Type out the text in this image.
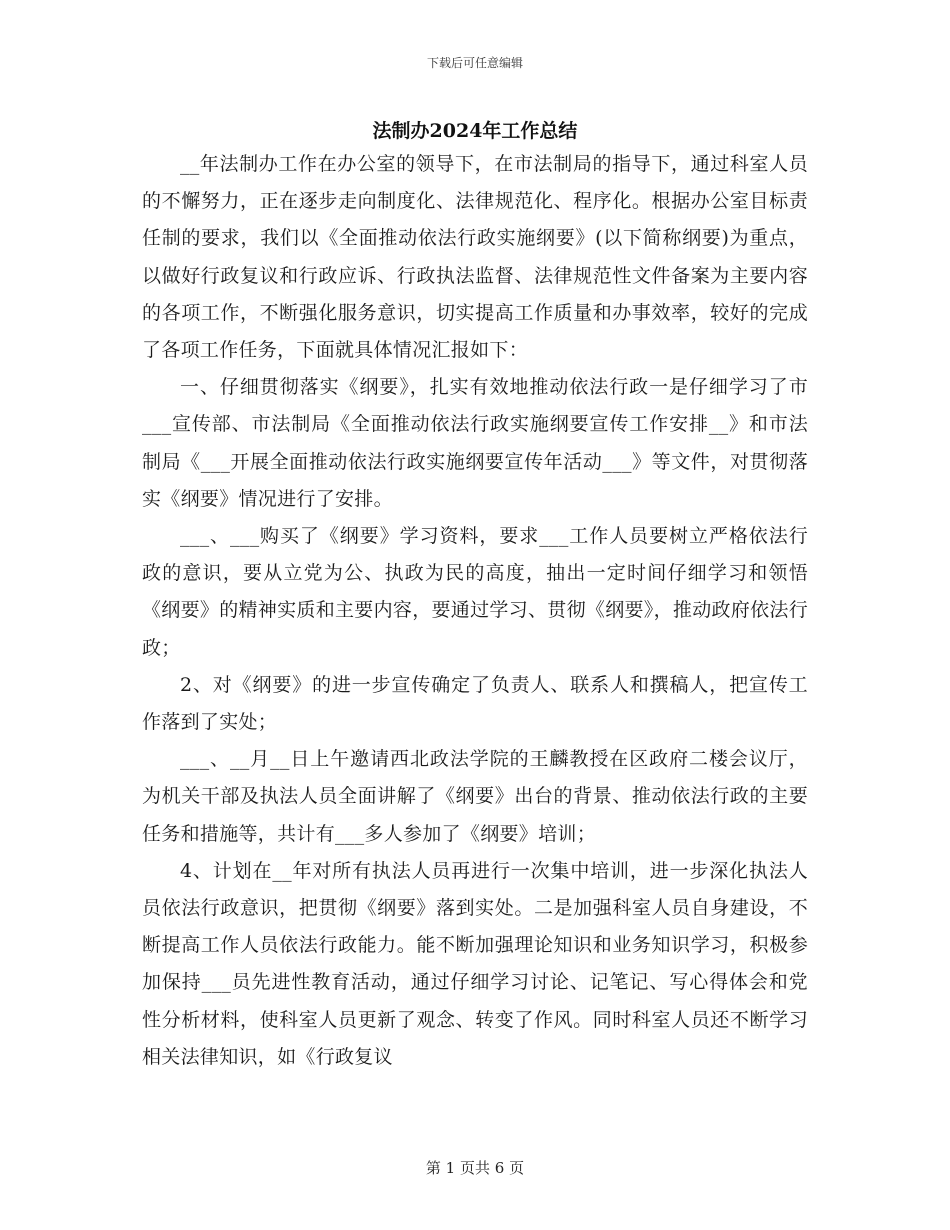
下载后可任意编辑
法制办2024年工作总结

__年法制办工作在办公室的领导下，在市法制局的指导下，通过科室人员的不懈努力，正在逐步走向制度化、法律规范化、程序化。根据办公室目标责任制的要求，我们以《全面推动依法行政实施纲要》(以下简称纲要)为重点，以做好行政复议和行政应诉、行政执法监督、法律规范性文件备案为主要内容的各项工作，不断强化服务意识，切实提高工作质量和办事效率，较好的完成了各项工作任务，下面就具体情况汇报如下：

一、仔细贯彻落实《纲要》，扎实有效地推动依法行政一是仔细学习了市___宣传部、市法制局《全面推动依法行政实施纲要宣传工作安排__》和市法制局《___开展全面推动依法行政实施纲要宣传年活动___》等文件，对贯彻落实《纲要》情况进行了安排。

___、___购买了《纲要》学习资料，要求___工作人员要树立严格依法行政的意识，要从立党为公、执政为民的高度，抽出一定时间仔细学习和领悟《纲要》的精神实质和主要内容，要通过学习、贯彻《纲要》，推动政府依法行政；

2、对《纲要》的进一步宣传确定了负责人、联系人和撰稿人，把宣传工作落到了实处；

___、__月__日上午邀请西北政法学院的王麟教授在区政府二楼会议厅，为机关干部及执法人员全面讲解了《纲要》出台的背景、推动依法行政的主要任务和措施等，共计有___多人参加了《纲要》培训；

4、计划在__年对所有执法人员再进行一次集中培训，进一步深化执法人员依法行政意识，把贯彻《纲要》落到实处。二是加强科室人员自身建设，不断提高工作人员依法行政能力。能不断加强理论知识和业务知识学习，积极参加保持___员先进性教育活动，通过仔细学习讨论、记笔记、写心得体会和党性分析材料，使科室人员更新了观念、转变了作风。同时科室人员还不断学习相关法律知识，如《行政复议

第 1 页共 6 页
